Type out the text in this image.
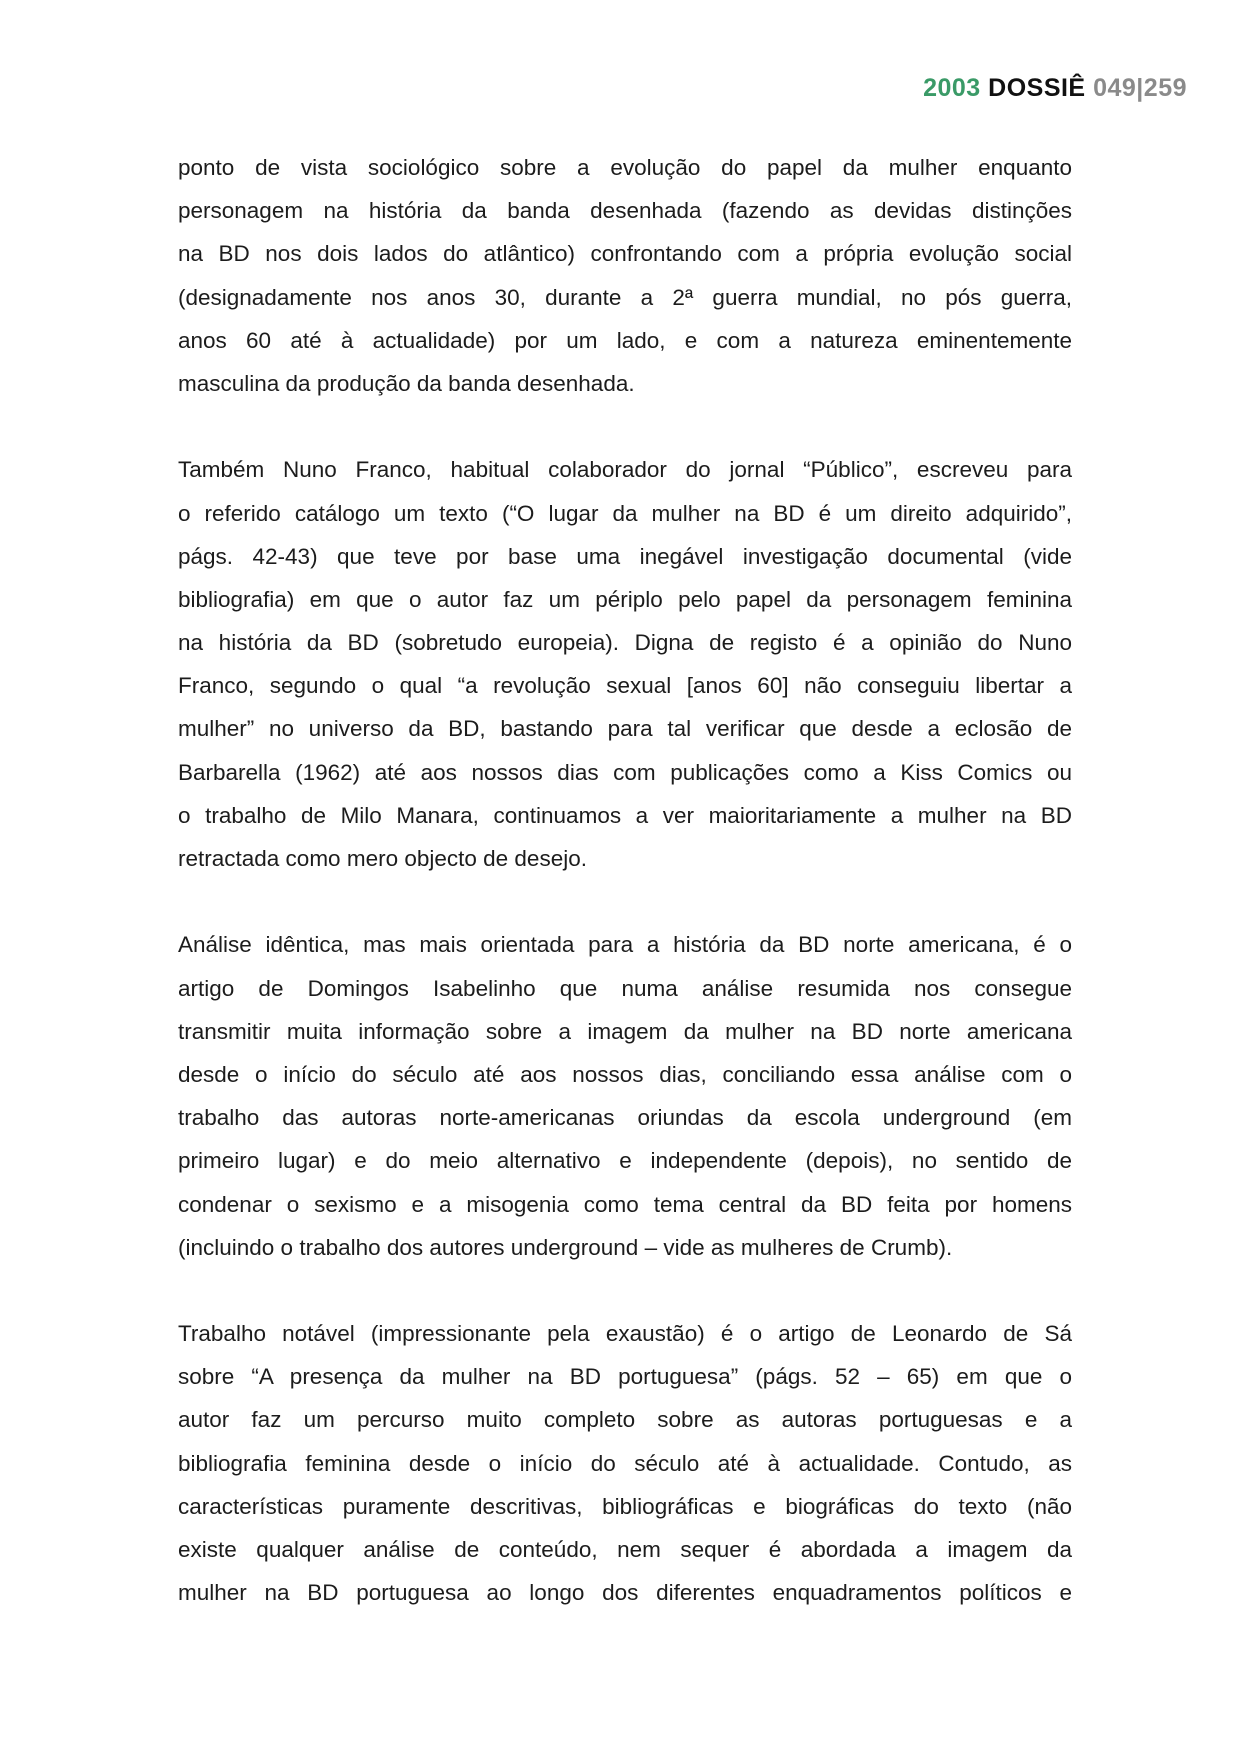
2003 DOSSIÊ 049|259
ponto de vista sociológico sobre a evolução do papel da mulher enquanto
personagem na história da banda desenhada (fazendo as devidas distinções
na BD nos dois lados do atlântico) confrontando com a própria evolução social
(designadamente nos anos 30, durante a 2ª guerra mundial, no pós guerra,
anos 60 até à actualidade) por um lado, e com a natureza eminentemente
masculina da produção da banda desenhada.
Também Nuno Franco, habitual colaborador do jornal “Público”, escreveu para
o referido catálogo um texto (“O lugar da mulher na BD é um direito adquirido”,
págs. 42-43) que teve por base uma inegável investigação documental (vide
bibliografia) em que o autor faz um périplo pelo papel da personagem feminina
na história da BD (sobretudo europeia). Digna de registo é a opinião do Nuno
Franco, segundo o qual “a revolução sexual [anos 60] não conseguiu libertar a
mulher” no universo da BD, bastando para tal verificar que desde a eclosão de
Barbarella (1962) até aos nossos dias com publicações como a Kiss Comics ou
o trabalho de Milo Manara, continuamos a ver maioritariamente a mulher na BD
retractada como mero objecto de desejo.
Análise idêntica, mas mais orientada para a história da BD norte americana, é o
artigo de Domingos Isabelinho que numa análise resumida nos consegue
transmitir muita informação sobre a imagem da mulher na BD norte americana
desde o início do século até aos nossos dias, conciliando essa análise com o
trabalho das autoras norte-americanas oriundas da escola underground (em
primeiro lugar) e do meio alternativo e independente (depois), no sentido de
condenar o sexismo e a misogenia como tema central da BD feita por homens
(incluindo o trabalho dos autores underground – vide as mulheres de Crumb).
Trabalho notável (impressionante pela exaustão) é o artigo de Leonardo de Sá
sobre “A presença da mulher na BD portuguesa” (págs. 52 – 65) em que o
autor faz um percurso muito completo sobre as autoras portuguesas e a
bibliografia feminina desde o início do século até à actualidade. Contudo, as
características puramente descritivas, bibliográficas e biográficas do texto (não
existe qualquer análise de conteúdo, nem sequer é abordada a imagem da
mulher na BD portuguesa ao longo dos diferentes enquadramentos políticos e
